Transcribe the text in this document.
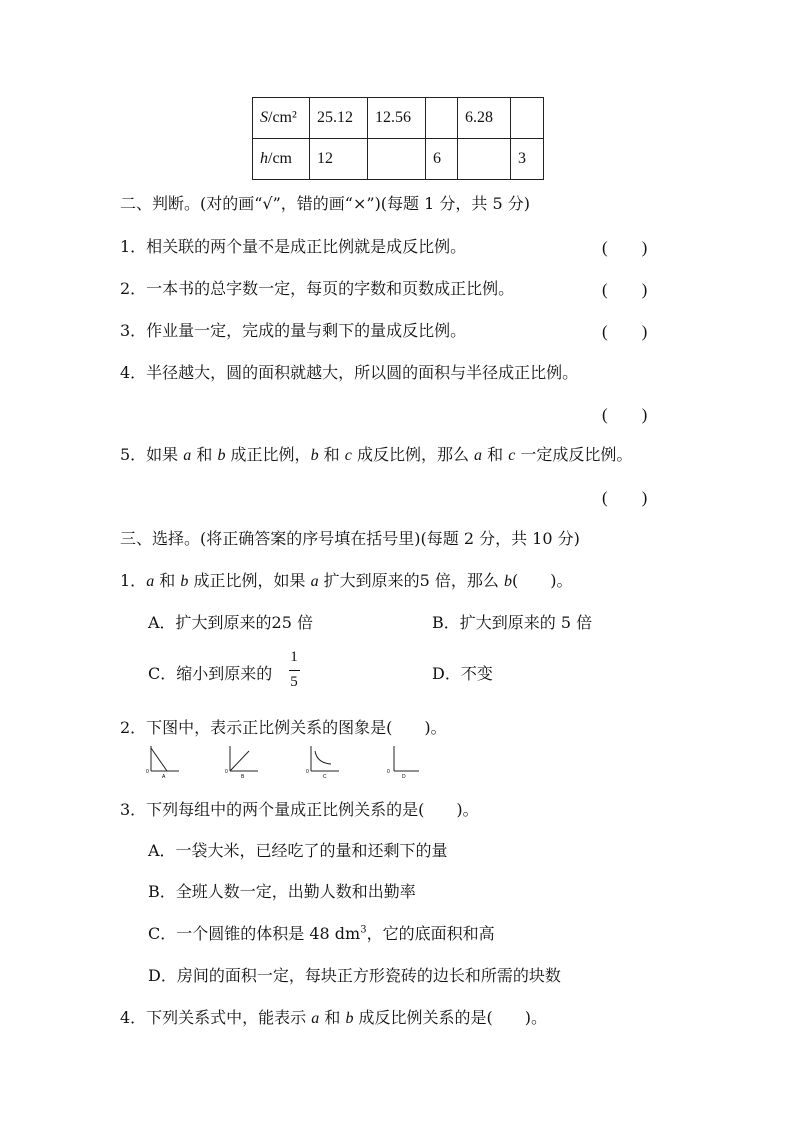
S/cm²	25.12	12.56		6.28	
h/cm	12		6		3
二、判断。(对的画“√”，错的画“×”)(每题 1 分，共 5 分)
1．相关联的两个量不是成正比例就是成反比例。	(　　)
2．一本书的总字数一定，每页的字数和页数成正比例。	(　　)
3．作业量一定，完成的量与剩下的量成反比例。	(　　)
4．半径越大，圆的面积就越大，所以圆的面积与半径成正比例。
(　　)
5．如果 a 和 b 成正比例，b 和 c 成反比例，那么 a 和 c 一定成反比例。
(　　)
三、选择。(将正确答案的序号填在括号里)(每题 2 分，共 10 分)
1．a 和 b 成正比例，如果 a 扩大到原来的5 倍，那么 b(　　)。
A．扩大到原来的25 倍	B．扩大到原来的 5 倍
C．缩小到原来的
1
5	D．不变
2．下图中，表示正比例关系的图象是(　　)。
0
A
0
B
0
C
0
D
3．下列每组中的两个量成正比例关系的是(　　)。
A．一袋大米，已经吃了的量和还剩下的量
B．全班人数一定，出勤人数和出勤率
C．一个圆锥的体积是 48 $dm^3$，它的底面积和高
D．房间的面积一定，每块正方形瓷砖的边长和所需的块数
4．下列关系式中，能表示 a 和 b 成反比例关系的是(　　)。
